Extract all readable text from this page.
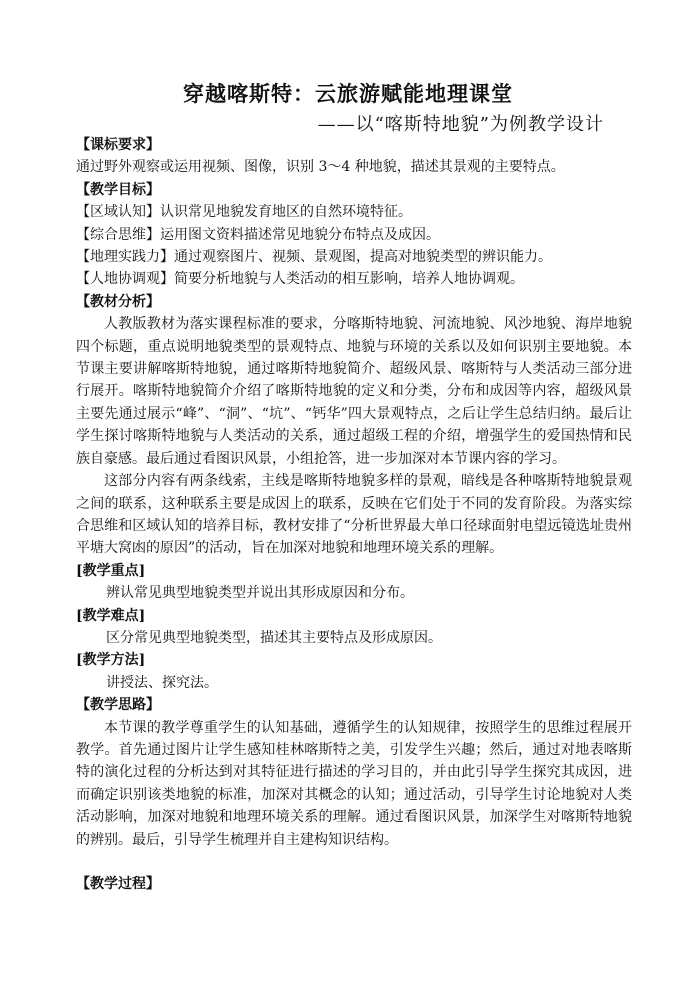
穿越喀斯特：云旅游赋能地理课堂
——以“喀斯特地貌”为例教学设计

【课标要求】

通过野外观察或运用视频、图像，识别 3～4 种地貌，描述其景观的主要特点。

【教学目标】

【区域认知】认识常见地貌发育地区的自然环境特征。

【综合思维】运用图文资料描述常见地貌分布特点及成因。

【地理实践力】通过观察图片、视频、景观图，提高对地貌类型的辨识能力。

【人地协调观】简要分析地貌与人类活动的相互影响，培养人地协调观。

【教材分析】

人教版教材为落实课程标准的要求，分喀斯特地貌、河流地貌、风沙地貌、海岸地貌四个标题，重点说明地貌类型的景观特点、地貌与环境的关系以及如何识别主要地貌。本节课主要讲解喀斯特地貌，通过喀斯特地貌简介、超级风景、喀斯特与人类活动三部分进行展开。喀斯特地貌简介介绍了喀斯特地貌的定义和分类，分布和成因等内容，超级风景主要先通过展示“峰”、“洞”、“坑”、“钙华”四大景观特点，之后让学生总结归纳。最后让学生探讨喀斯特地貌与人类活动的关系，通过超级工程的介绍，增强学生的爱国热情和民族自豪感。最后通过看图识风景，小组抢答，进一步加深对本节课内容的学习。

这部分内容有两条线索，主线是喀斯特地貌多样的景观，暗线是各种喀斯特地貌景观之间的联系，这种联系主要是成因上的联系，反映在它们处于不同的发育阶段。为落实综合思维和区域认知的培养目标，教材安排了“分析世界最大单口径球面射电望远镜选址贵州平塘大窝凼的原因”的活动，旨在加深对地貌和地理环境关系的理解。

[教学重点]

辨认常见典型地貌类型并说出其形成原因和分布。

[教学难点]

区分常见典型地貌类型，描述其主要特点及形成原因。

[教学方法]

讲授法、探究法。

【教学思路】

本节课的教学尊重学生的认知基础，遵循学生的认知规律，按照学生的思维过程展开教学。首先通过图片让学生感知桂林喀斯特之美，引发学生兴趣；然后，通过对地表喀斯特的演化过程的分析达到对其特征进行描述的学习目的，并由此引导学生探究其成因，进而确定识别该类地貌的标准，加深对其概念的认知；通过活动，引导学生讨论地貌对人类活动影响，加深对地貌和地理环境关系的理解。通过看图识风景，加深学生对喀斯特地貌的辨别。最后，引导学生梳理并自主建构知识结构。

【教学过程】
